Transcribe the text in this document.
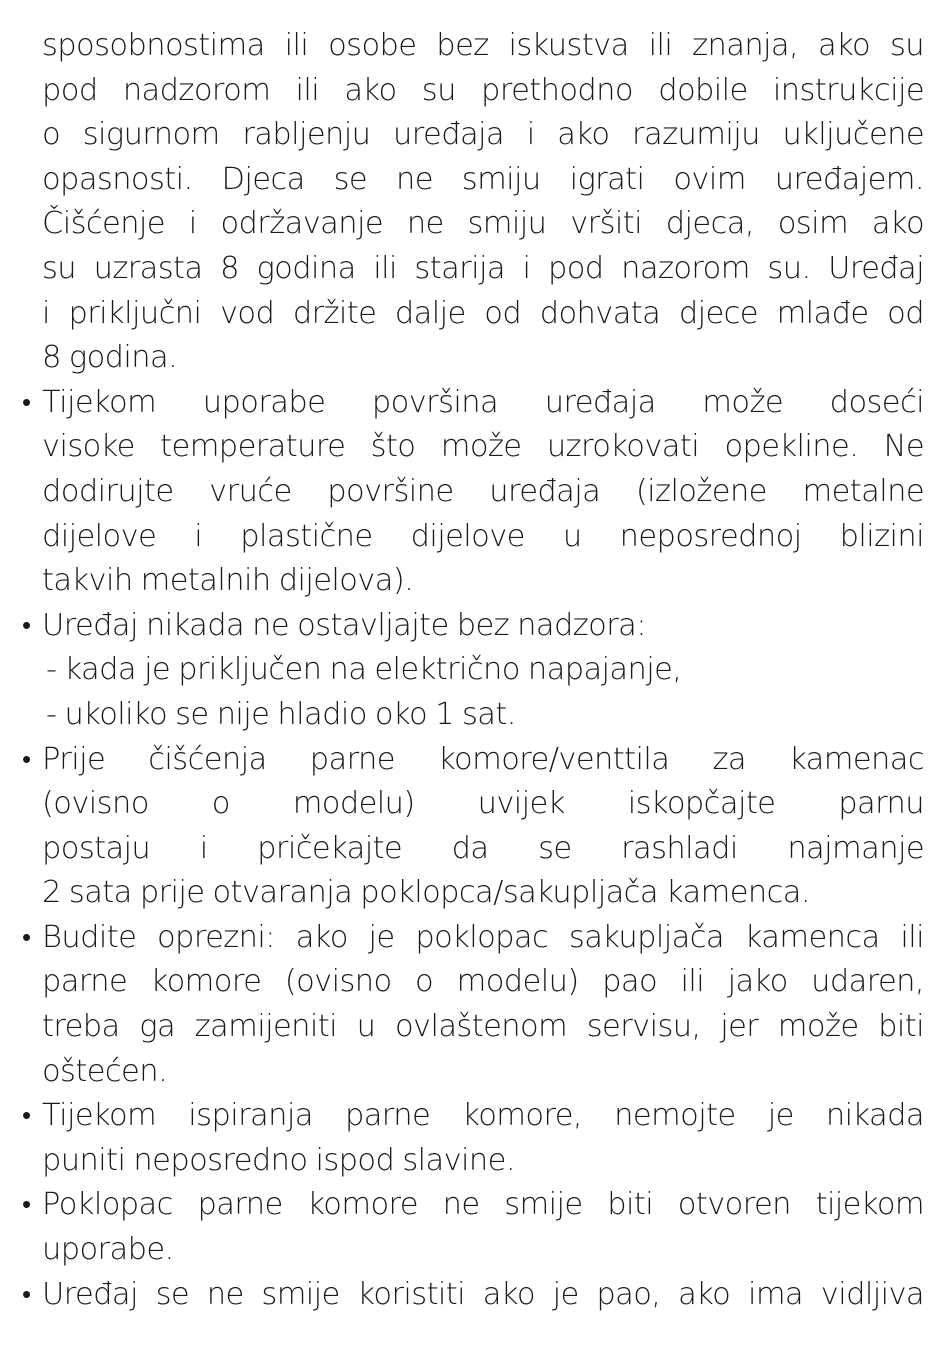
sposobnostima ili osobe bez iskustva ili znanja, ako su
pod nadzorom ili ako su prethodno dobile instrukcije
o sigurnom rabljenju uređaja i ako razumiju uključene
opasnosti. Djeca se ne smiju igrati ovim uređajem.
Čišćenje i održavanje ne smiju vršiti djeca, osim ako
su uzrasta 8 godina ili starija i pod nazorom su. Uređaj
i priključni vod držite dalje od dohvata djece mlađe od
8 godina.
• Tijekom uporabe površina uređaja može doseći
visoke temperature što može uzrokovati opekline. Ne
dodirujte vruće površine uređaja (izložene metalne
dijelove i plastične dijelove u neposrednoj blizini
takvih metalnih dijelova).
• Uređaj nikada ne ostavljajte bez nadzora:
- kada je priključen na električno napajanje,
- ukoliko se nije hladio oko 1 sat.
• Prije čišćenja parne komore/venttila za kamenac
(ovisno o modelu) uvijek iskopčajte parnu
postaju i pričekajte da se rashladi najmanje
2 sata prije otvaranja poklopca/sakupljača kamenca.
• Budite oprezni: ako je poklopac sakupljača kamenca ili
parne komore (ovisno o modelu) pao ili jako udaren,
treba ga zamijeniti u ovlaštenom servisu, jer može biti
oštećen.
• Tijekom ispiranja parne komore, nemojte je nikada
puniti neposredno ispod slavine.
• Poklopac parne komore ne smije biti otvoren tijekom
uporabe.
• Uređaj se ne smije koristiti ako je pao, ako ima vidljiva
